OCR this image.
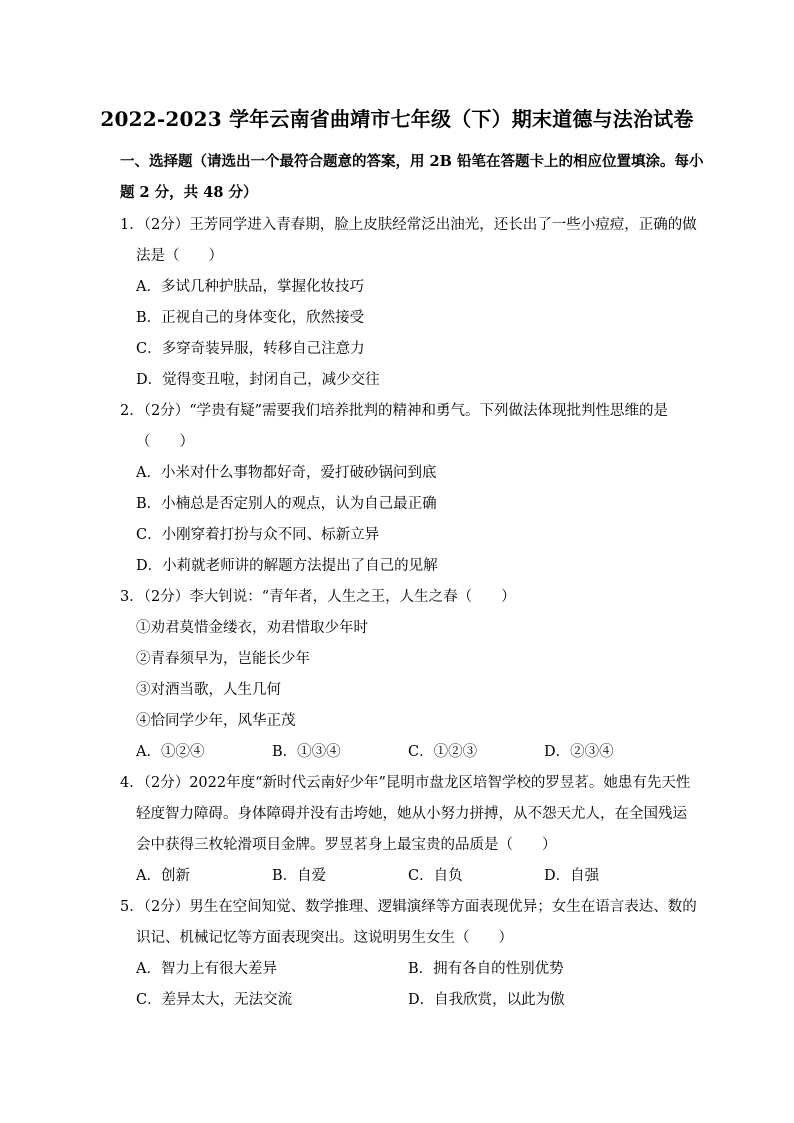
2022-2023 学年云南省曲靖市七年级（下）期末道德与法治试卷
一、选择题（请选出一个最符合题意的答案，用 2B 铅笔在答题卡上的相应位置填涂。每小
题 2 分，共 48 分）
1．（2分）王芳同学进入青春期，脸上皮肤经常泛出油光，还长出了一些小痘痘，正确的做
法是（　　）
A．多试几种护肤品，掌握化妆技巧
B．正视自己的身体变化，欣然接受
C．多穿奇装异服，转移自己注意力
D．觉得变丑啦，封闭自己，减少交往
2．（2分）“学贵有疑”需要我们培养批判的精神和勇气。下列做法体现批判性思维的是
（　　）
A．小米对什么事物都好奇，爱打破砂锅问到底
B．小楠总是否定别人的观点，认为自己最正确
C．小刚穿着打扮与众不同、标新立异
D．小莉就老师讲的解题方法提出了自己的见解
3．（2分）李大钊说：“青年者，人生之王，人生之春（　　）
①劝君莫惜金缕衣，劝君惜取少年时
②青春须早为，岂能长少年
③对酒当歌，人生几何
④恰同学少年，风华正茂
A．①②④	B．①③④	C．①②③	D．②③④
4．（2分）2022年度“新时代云南好少年”昆明市盘龙区培智学校的罗昱茗。她患有先天性
轻度智力障碍。身体障碍并没有击垮她，她从小努力拼搏，从不怨天尤人，在全国残运
会中获得三枚轮滑项目金牌。罗昱茗身上最宝贵的品质是（　　）
A．创新	B．自爱	C．自负	D．自强
5．（2分）男生在空间知觉、数学推理、逻辑演绎等方面表现优异；女生在语言表达、数的
识记、机械记忆等方面表现突出。这说明男生女生（　　）
A．智力上有很大差异	B．拥有各自的性别优势
C．差异太大，无法交流	D．自我欣赏，以此为傲
